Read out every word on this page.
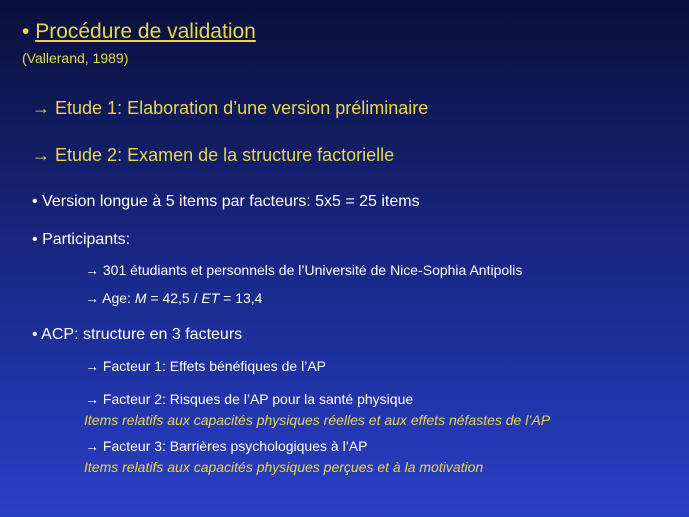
• Procédure de validation
(Vallerand, 1989)
→ Etude 1: Elaboration d’une version préliminaire
→ Etude 2: Examen de la structure factorielle
• Version longue à 5 items par facteurs: 5x5 = 25 items
• Participants:
→ 301 étudiants et personnels de l’Université de Nice-Sophia Antipolis
→ Age: M = 42,5 / ET = 13,4
• ACP: structure en 3 facteurs
→ Facteur 1: Effets bénéfiques de l’AP
→ Facteur 2: Risques de l’AP pour la santé physique
Items relatifs aux capacités physiques réelles et aux effets néfastes de l’AP
→ Facteur 3: Barrières psychologiques à l’AP
Items relatifs aux capacités physiques perçues et à la motivation
